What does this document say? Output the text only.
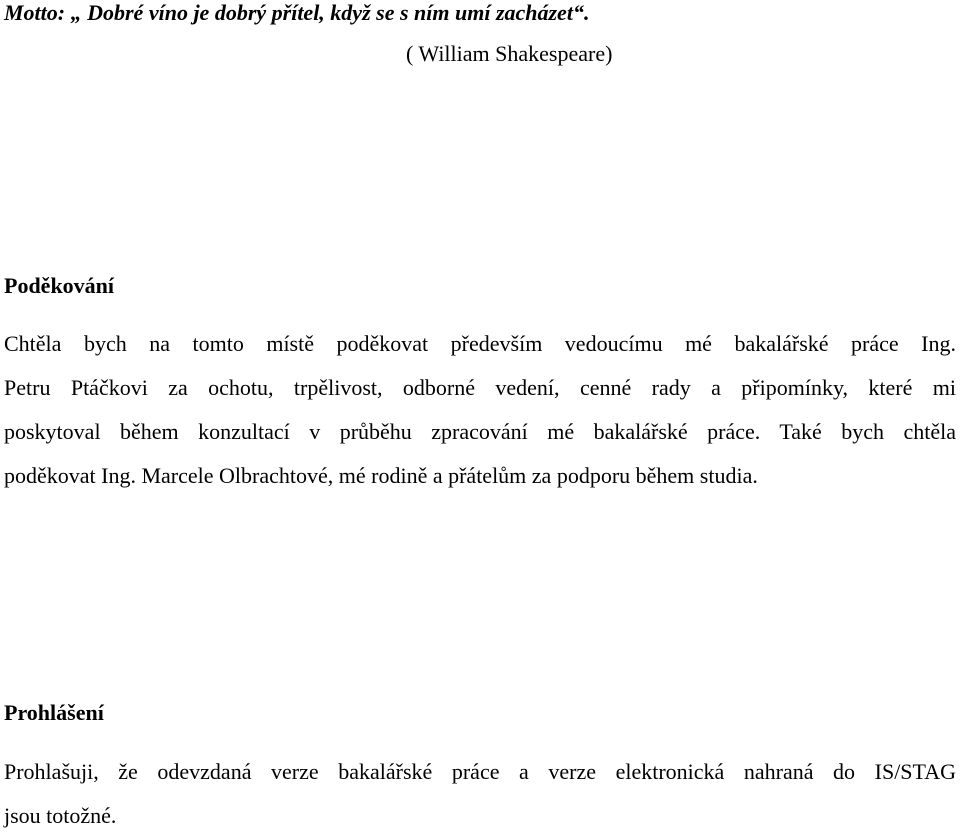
Motto: „ Dobré víno je dobrý přítel, když se s ním umí zacházet“.
( William Shakespeare)
Poděkování
Chtěla bych na tomto místě poděkovat především vedoucímu mé bakalářské práce Ing.
Petru Ptáčkovi za ochotu, trpělivost, odborné vedení, cenné rady a připomínky, které mi
poskytoval během konzultací v průběhu zpracování mé bakalářské práce. Také bych chtěla
poděkovat Ing. Marcele Olbrachtové, mé rodině a přátelům za podporu během studia.
Prohlášení
Prohlašuji, že odevzdaná verze bakalářské práce a verze elektronická nahraná do IS/STAG
jsou totožné.
